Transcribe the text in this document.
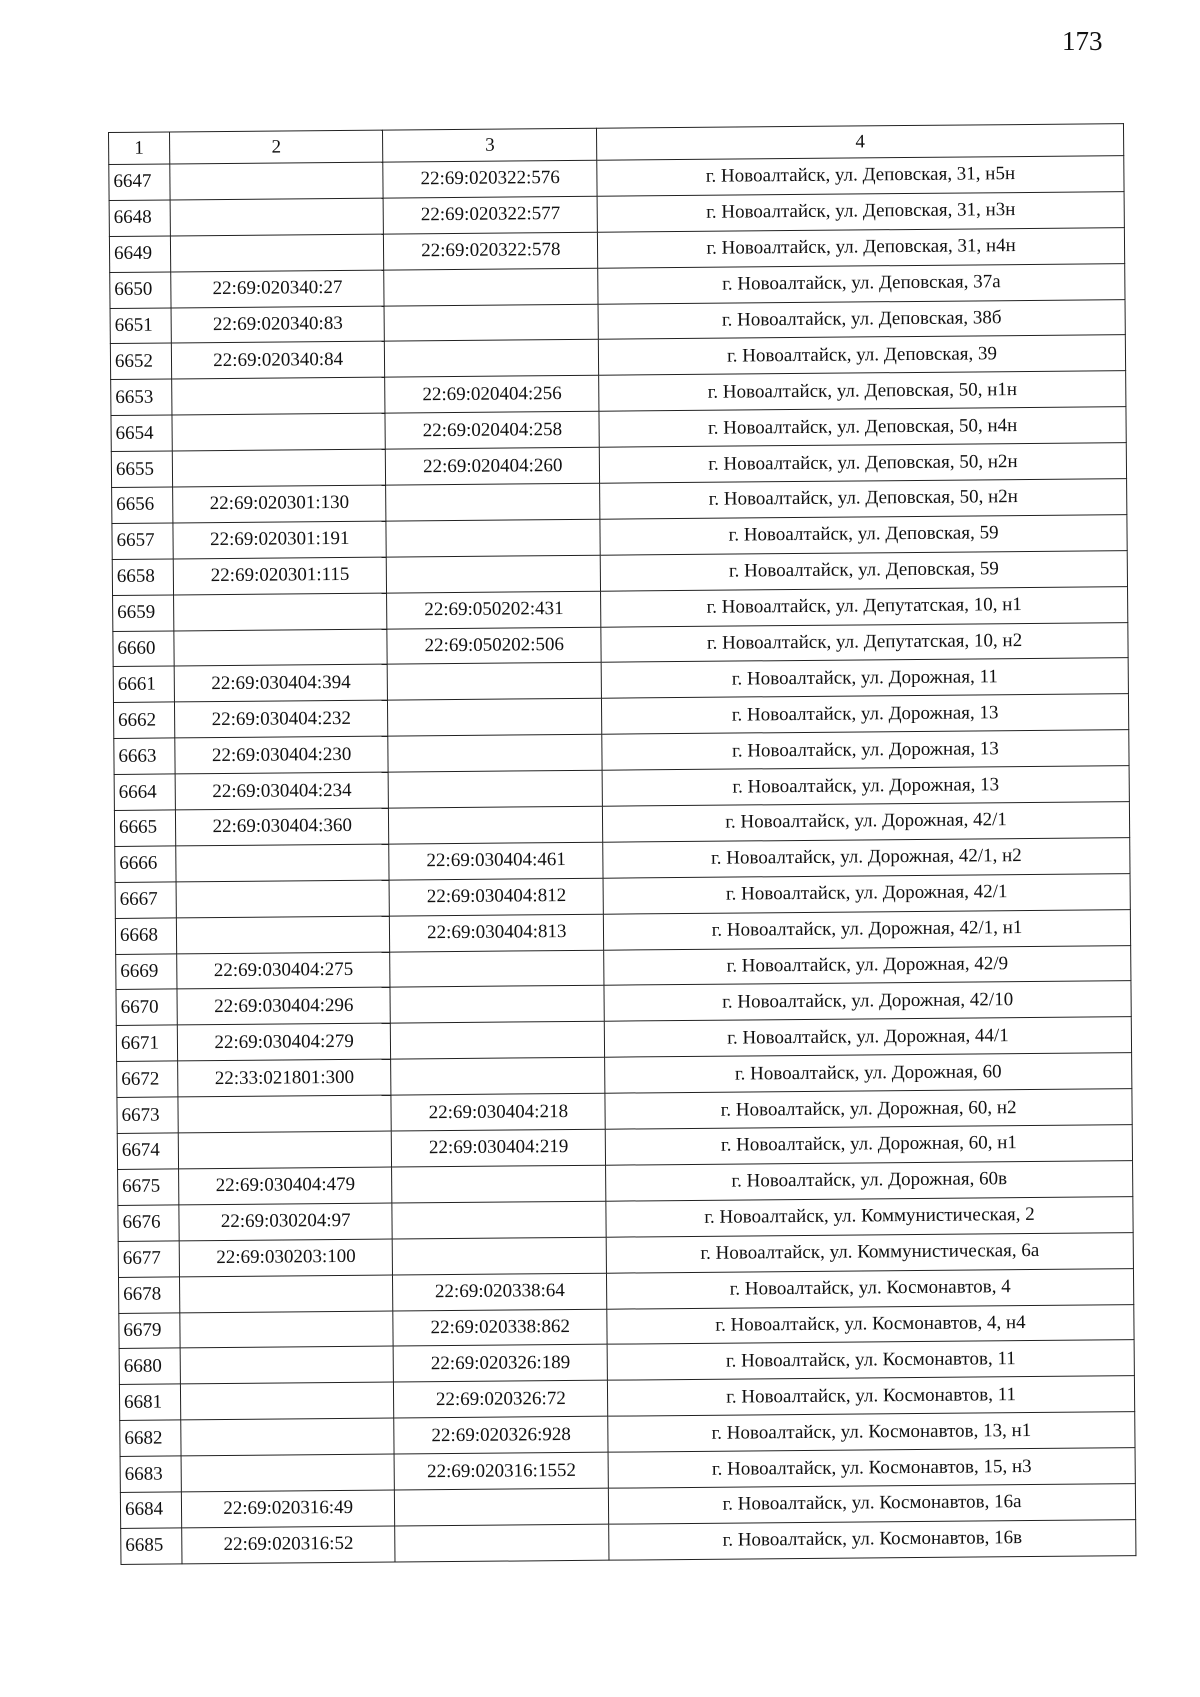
173
1	2	3	4
6647		22:69:020322:576	г. Новоалтайск, ул. Деповская, 31, н5н
6648		22:69:020322:577	г. Новоалтайск, ул. Деповская, 31, н3н
6649		22:69:020322:578	г. Новоалтайск, ул. Деповская, 31, н4н
6650	22:69:020340:27		г. Новоалтайск, ул. Деповская, 37а
6651	22:69:020340:83		г. Новоалтайск, ул. Деповская, 38б
6652	22:69:020340:84		г. Новоалтайск, ул. Деповская, 39
6653		22:69:020404:256	г. Новоалтайск, ул. Деповская, 50, н1н
6654		22:69:020404:258	г. Новоалтайск, ул. Деповская, 50, н4н
6655		22:69:020404:260	г. Новоалтайск, ул. Деповская, 50, н2н
6656	22:69:020301:130		г. Новоалтайск, ул. Деповская, 50, н2н
6657	22:69:020301:191		г. Новоалтайск, ул. Деповская, 59
6658	22:69:020301:115		г. Новоалтайск, ул. Деповская, 59
6659		22:69:050202:431	г. Новоалтайск, ул. Депутатская, 10, н1
6660		22:69:050202:506	г. Новоалтайск, ул. Депутатская, 10, н2
6661	22:69:030404:394		г. Новоалтайск, ул. Дорожная, 11
6662	22:69:030404:232		г. Новоалтайск, ул. Дорожная, 13
6663	22:69:030404:230		г. Новоалтайск, ул. Дорожная, 13
6664	22:69:030404:234		г. Новоалтайск, ул. Дорожная, 13
6665	22:69:030404:360		г. Новоалтайск, ул. Дорожная, 42/1
6666		22:69:030404:461	г. Новоалтайск, ул. Дорожная, 42/1, н2
6667		22:69:030404:812	г. Новоалтайск, ул. Дорожная, 42/1
6668		22:69:030404:813	г. Новоалтайск, ул. Дорожная, 42/1, н1
6669	22:69:030404:275		г. Новоалтайск, ул. Дорожная, 42/9
6670	22:69:030404:296		г. Новоалтайск, ул. Дорожная, 42/10
6671	22:69:030404:279		г. Новоалтайск, ул. Дорожная, 44/1
6672	22:33:021801:300		г. Новоалтайск, ул. Дорожная, 60
6673		22:69:030404:218	г. Новоалтайск, ул. Дорожная, 60, н2
6674		22:69:030404:219	г. Новоалтайск, ул. Дорожная, 60, н1
6675	22:69:030404:479		г. Новоалтайск, ул. Дорожная, 60в
6676	22:69:030204:97		г. Новоалтайск, ул. Коммунистическая, 2
6677	22:69:030203:100		г. Новоалтайск, ул. Коммунистическая, 6а
6678		22:69:020338:64	г. Новоалтайск, ул. Космонавтов, 4
6679		22:69:020338:862	г. Новоалтайск, ул. Космонавтов, 4, н4
6680		22:69:020326:189	г. Новоалтайск, ул. Космонавтов, 11
6681		22:69:020326:72	г. Новоалтайск, ул. Космонавтов, 11
6682		22:69:020326:928	г. Новоалтайск, ул. Космонавтов, 13, н1
6683		22:69:020316:1552	г. Новоалтайск, ул. Космонавтов, 15, н3
6684	22:69:020316:49		г. Новоалтайск, ул. Космонавтов, 16а
6685	22:69:020316:52		г. Новоалтайск, ул. Космонавтов, 16в
